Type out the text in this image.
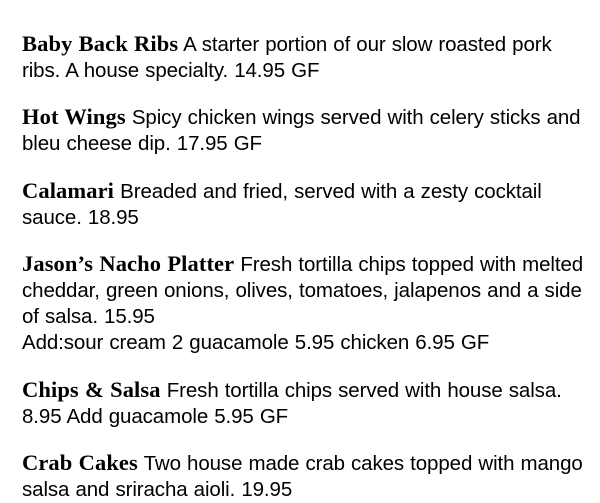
Baby Back Ribs A starter portion of our slow roasted pork ribs. A house specialty. 14.95 GF

Hot Wings Spicy chicken wings served with celery sticks and bleu cheese dip. 17.95 GF

Calamari Breaded and fried, served with a zesty cocktail sauce. 18.95

Jason’s Nacho Platter Fresh tortilla chips topped with melted cheddar, green onions, olives, tomatoes, jalapenos and a side of salsa. 15.95
Add:sour cream 2 guacamole 5.95 chicken 6.95 GF

Chips & Salsa Fresh tortilla chips served with house salsa. 8.95 Add guacamole 5.95 GF

Crab Cakes Two house made crab cakes topped with mango salsa and sriracha aioli. 19.95
